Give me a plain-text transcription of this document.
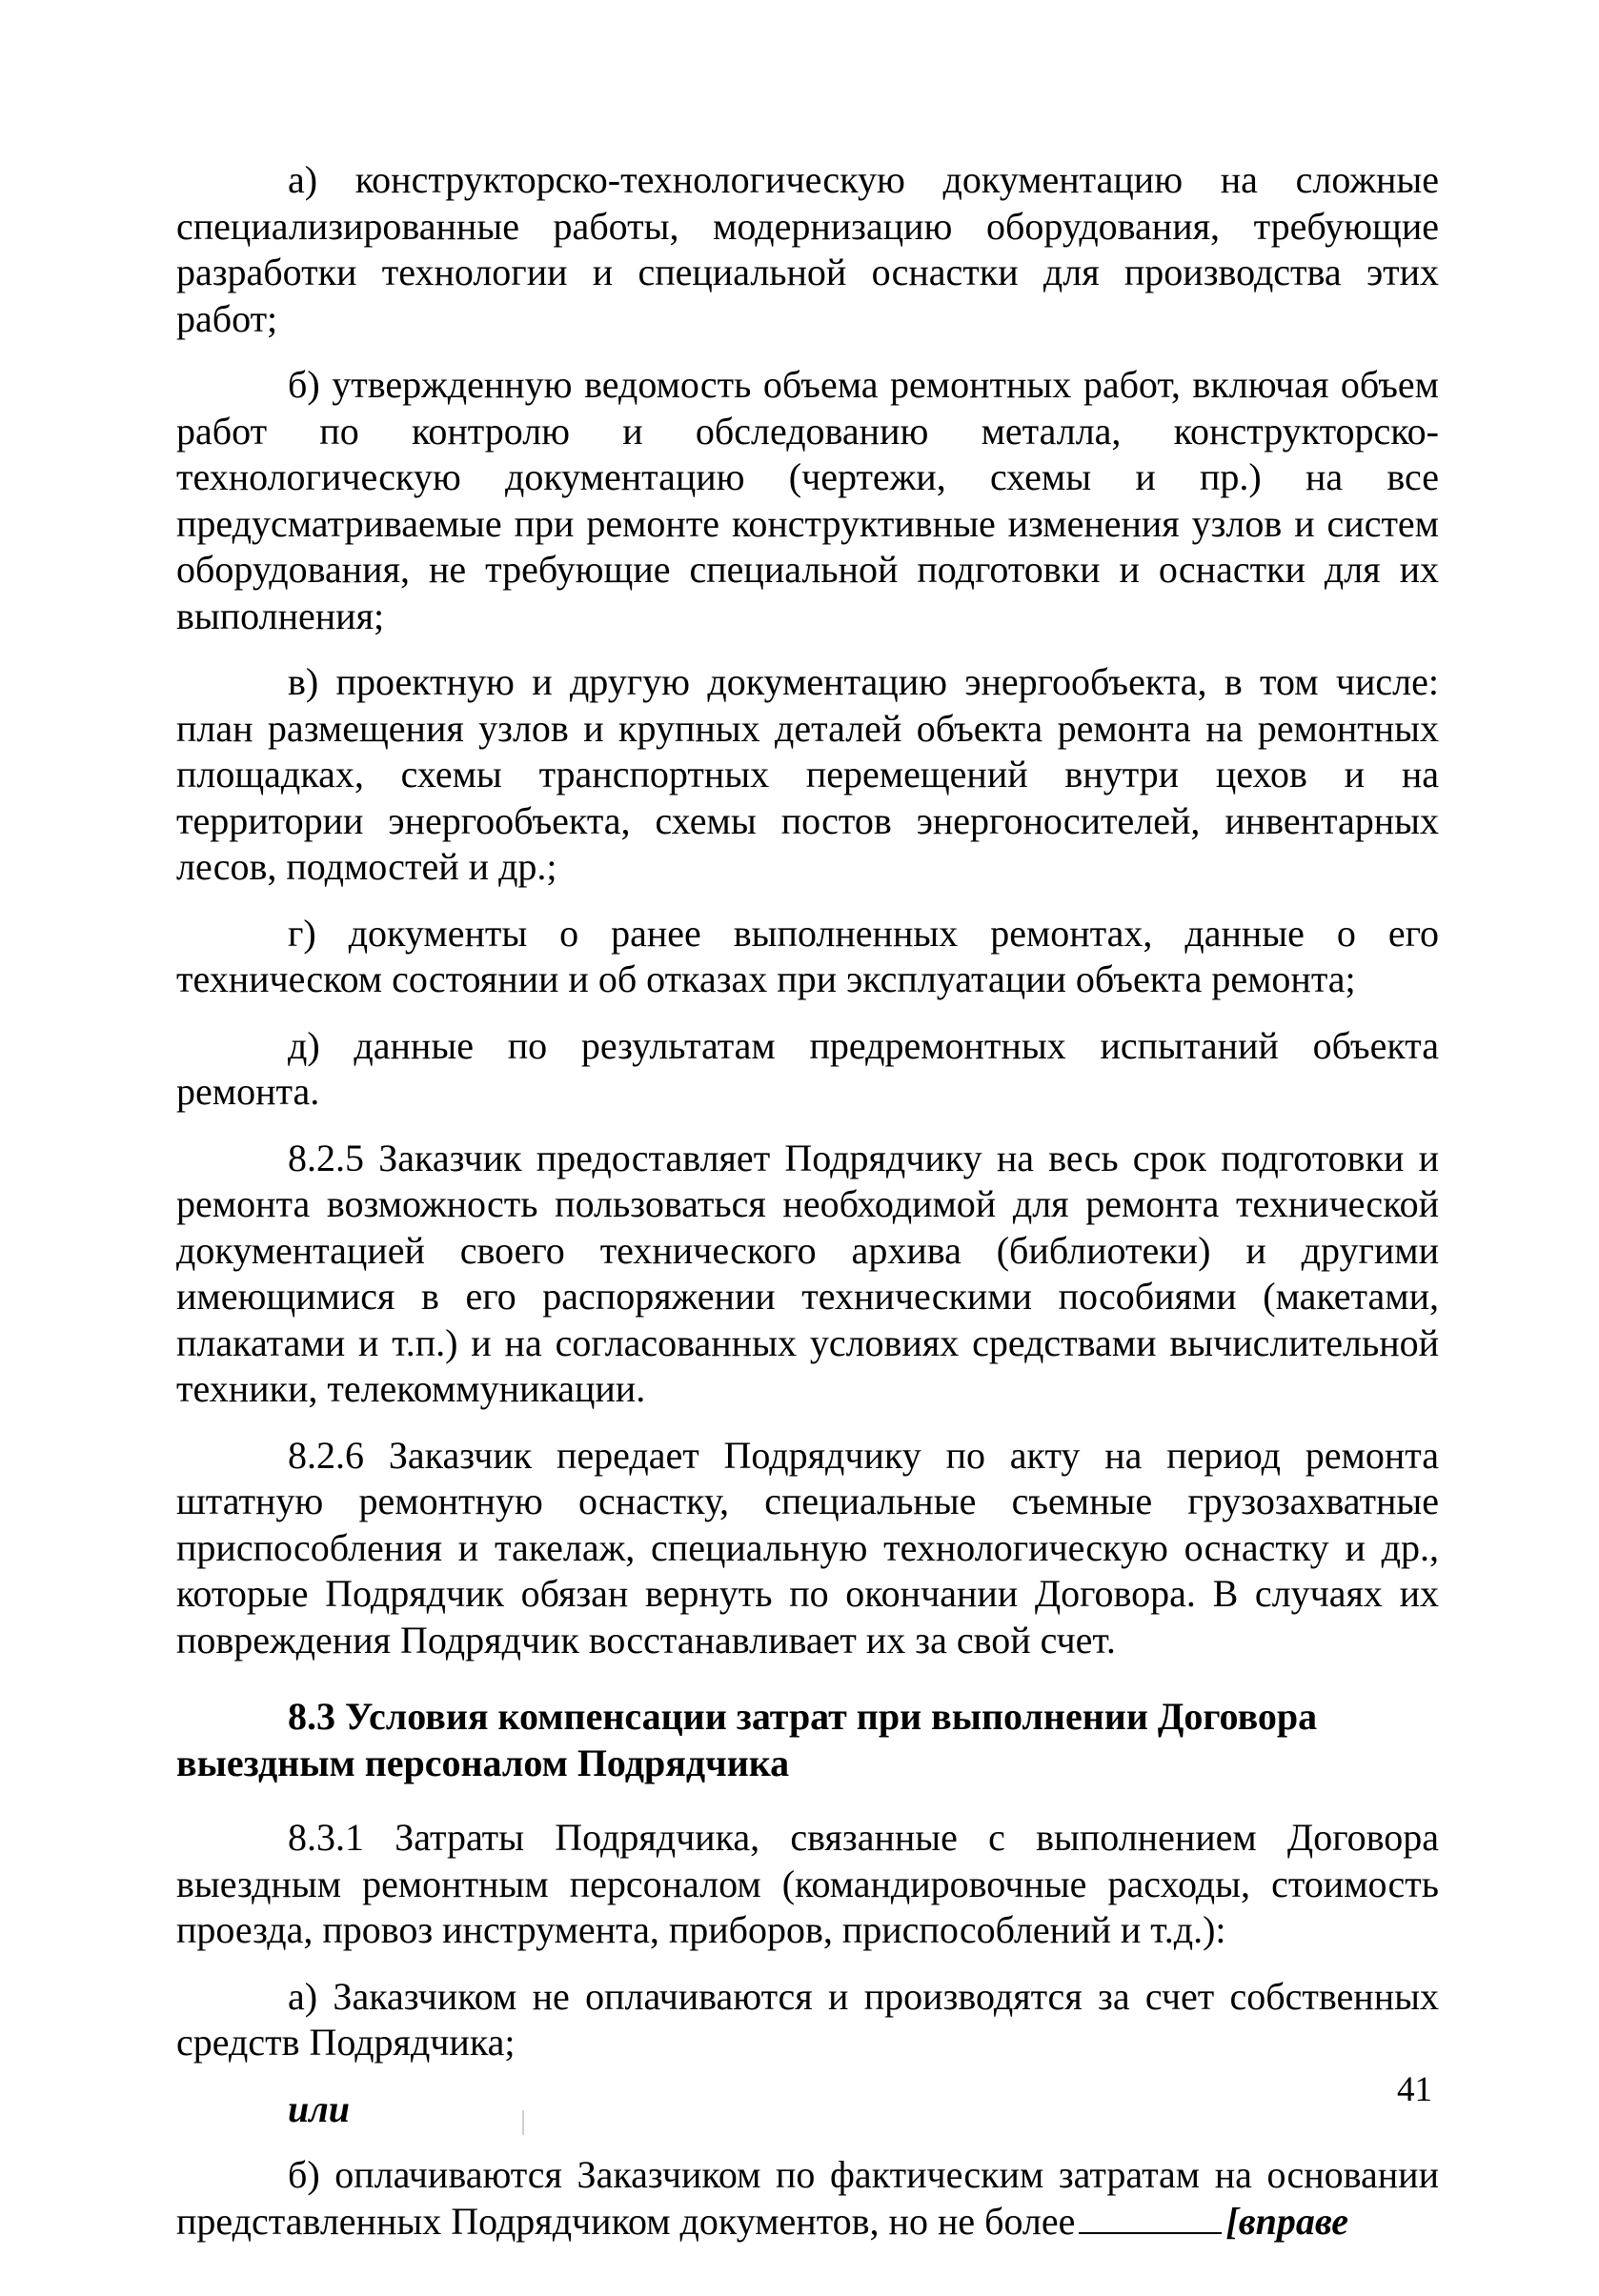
а) конструкторско-технологическую документацию на сложные специализированные работы, модернизацию оборудования, требующие разработки технологии и специальной оснастки для производства этих работ;

б) утвержденную ведомость объема ремонтных работ, включая объем работ по контролю и обследованию металла, конструкторско-технологическую документацию (чертежи, схемы и пр.) на все предусматриваемые при ремонте конструктивные изменения узлов и систем оборудования, не требующие специальной подготовки и оснастки для их выполнения;

в) проектную и другую документацию энергообъекта, в том числе: план размещения узлов и крупных деталей объекта ремонта на ремонтных площадках, схемы транспортных перемещений внутри цехов и на территории энергообъекта, схемы постов энергоносителей, инвентарных лесов, подмостей и др.;

г) документы о ранее выполненных ремонтах, данные о его техническом состоянии и об отказах при эксплуатации объекта ремонта;

д) данные по результатам предремонтных испытаний объекта ремонта.

8.2.5 Заказчик предоставляет Подрядчику на весь срок подготовки и ремонта возможность пользоваться необходимой для ремонта технической документацией своего технического архива (библиотеки) и другими имеющимися в его распоряжении техническими пособиями (макетами, плакатами и т.п.) и на согласованных условиях средствами вычислительной техники, телекоммуникации.

8.2.6 Заказчик передает Подрядчику по акту на период ремонта штатную ремонтную оснастку, специальные съемные грузозахватные приспособления и такелаж, специальную технологическую оснастку и др., которые Подрядчик обязан вернуть по окончании Договора. В случаях их повреждения Подрядчик восстанавливает их за свой счет.

8.3 Условия компенсации затрат при выполнении Договора выездным персоналом Подрядчика

8.3.1 Затраты Подрядчика, связанные с выполнением Договора выездным ремонтным персоналом (командировочные расходы, стоимость проезда, провоз инструмента, приборов, приспособлений и т.д.):

а) Заказчиком не оплачиваются и производятся за счет собственных средств Подрядчика;

или

б) оплачиваются Заказчиком по фактическим затратам на основании представленных Подрядчиком документов, но не более	[вправе

41
